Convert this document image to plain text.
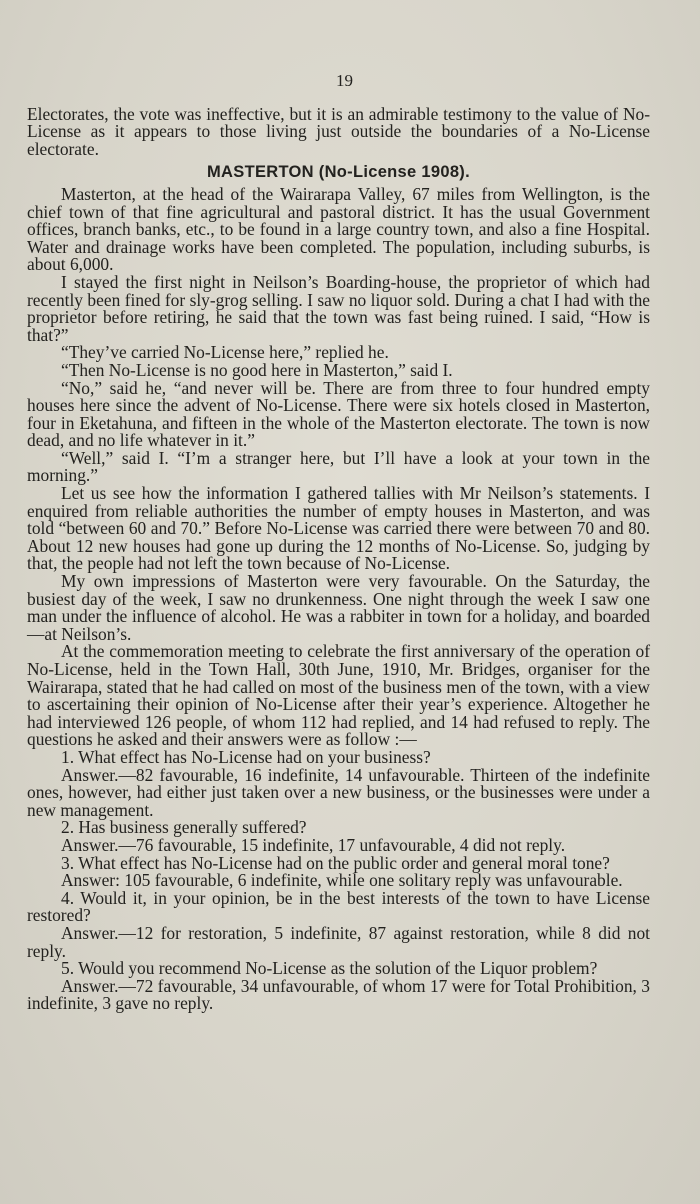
19

Electorates, the vote was ineffective, but it is an admirable testimony to the value of No-License as it appears to those living just outside the boundaries of a No-License electorate.

MASTERTON (No-License 1908).

Masterton, at the head of the Wairarapa Valley, 67 miles from Wellington, is the chief town of that fine agricultural and pastoral district. It has the usual Government offices, branch banks, etc., to be found in a large country town, and also a fine Hospital. Water and drainage works have been completed. The population, including suburbs, is about 6,000.

I stayed the first night in Neilson’s Boarding-house, the proprietor of which had recently been fined for sly-grog selling. I saw no liquor sold. During a chat I had with the proprietor before retiring, he said that the town was fast being ruined. I said, “How is that?”

“They’ve carried No-License here,” replied he.

“Then No-License is no good here in Masterton,” said I.

“No,” said he, “and never will be. There are from three to four hundred empty houses here since the advent of No-License. There were six hotels closed in Masterton, four in Eketahuna, and fifteen in the whole of the Masterton electorate. The town is now dead, and no life whatever in it.”

“Well,” said I. “I’m a stranger here, but I’ll have a look at your town in the morning.”

Let us see how the information I gathered tallies with Mr Neilson’s statements. I enquired from reliable authorities the number of empty houses in Masterton, and was told “between 60 and 70.” Before No-License was carried there were between 70 and 80. About 12 new houses had gone up during the 12 months of No-License. So, judging by that, the people had not left the town because of No-License.

My own impressions of Masterton were very favourable. On the Saturday, the busiest day of the week, I saw no drunkenness. One night through the week I saw one man under the influence of alcohol. He was a rabbiter in town for a holiday, and boarded—at Neilson’s.

At the commemoration meeting to celebrate the first anniversary of the operation of No-License, held in the Town Hall, 30th June, 1910, Mr. Bridges, organiser for the Wairarapa, stated that he had called on most of the business men of the town, with a view to ascertaining their opinion of No-License after their year’s experience. Altogether he had interviewed 126 people, of whom 112 had replied, and 14 had refused to reply. The questions he asked and their answers were as follow :—

1. What effect has No-License had on your business?

Answer.—82 favourable, 16 indefinite, 14 unfavourable. Thirteen of the indefinite ones, however, had either just taken over a new business, or the businesses were under a new management.

2. Has business generally suffered?

Answer.—76 favourable, 15 indefinite, 17 unfavourable, 4 did not reply.

3. What effect has No-License had on the public order and general moral tone?

Answer: 105 favourable, 6 indefinite, while one solitary reply was unfavourable.

4. Would it, in your opinion, be in the best interests of the town to have License restored?

Answer.—12 for restoration, 5 indefinite, 87 against restoration, while 8 did not reply.

5. Would you recommend No-License as the solution of the Liquor problem?

Answer.—72 favourable, 34 unfavourable, of whom 17 were for Total Prohibition, 3 indefinite, 3 gave no reply.
